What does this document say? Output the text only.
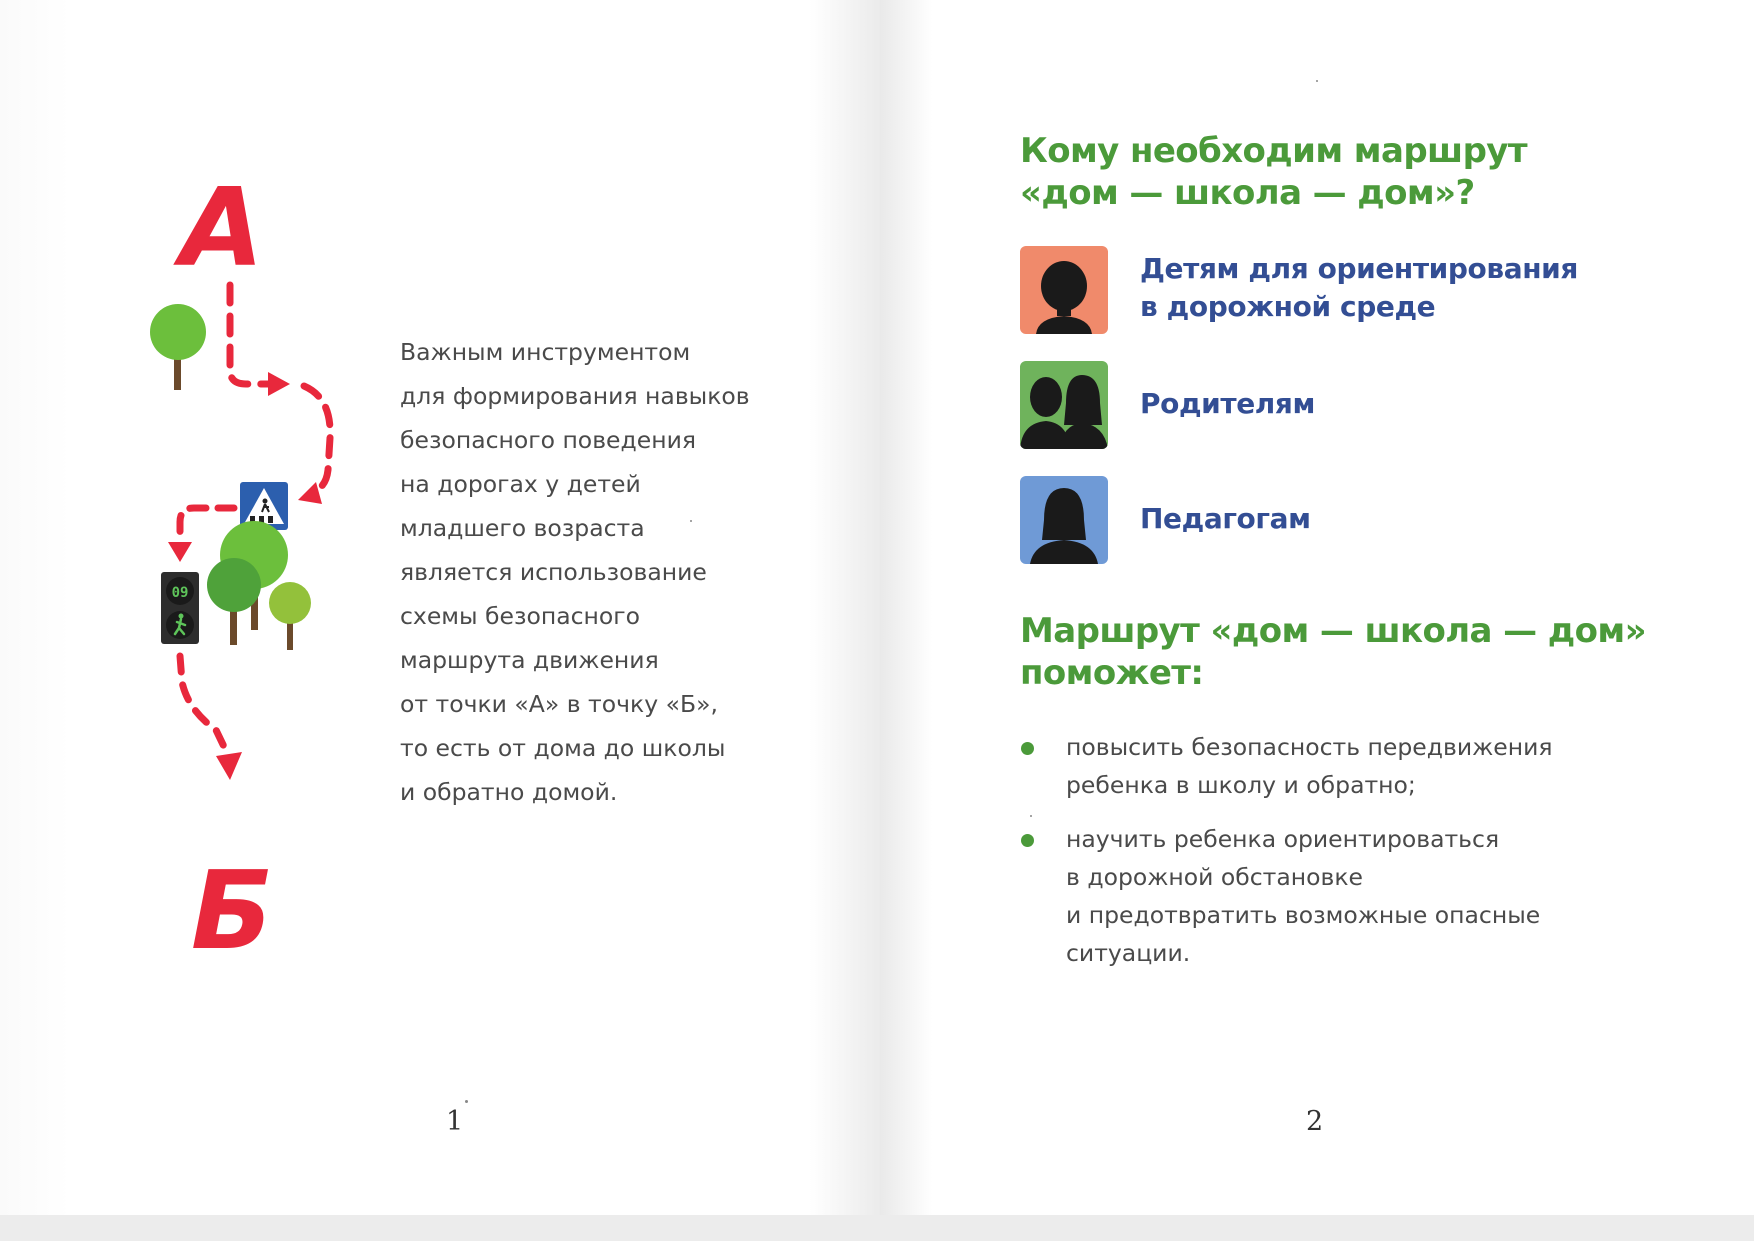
А
09
Б

Важным инструментом
для формирования навыков
безопасного поведения
на дорогах у детей
младшего возраста
является использование
схемы безопасного
маршрута движения
от точки «А» в точку «Б»,
то есть от дома до школы
и обратно домой.

1
Кому необходим маршрут
«дом — школа — дом»?
Детям для ориентирования
в дорожной среде
Родителям
Педагогам
Маршрут «дом — школа — дом»
поможет:
повысить безопасность передвижения
ребенка в школу и обратно;
научить ребенка ориентироваться
в дорожной обстановке
и предотвратить возможные опасные
ситуации.
2
